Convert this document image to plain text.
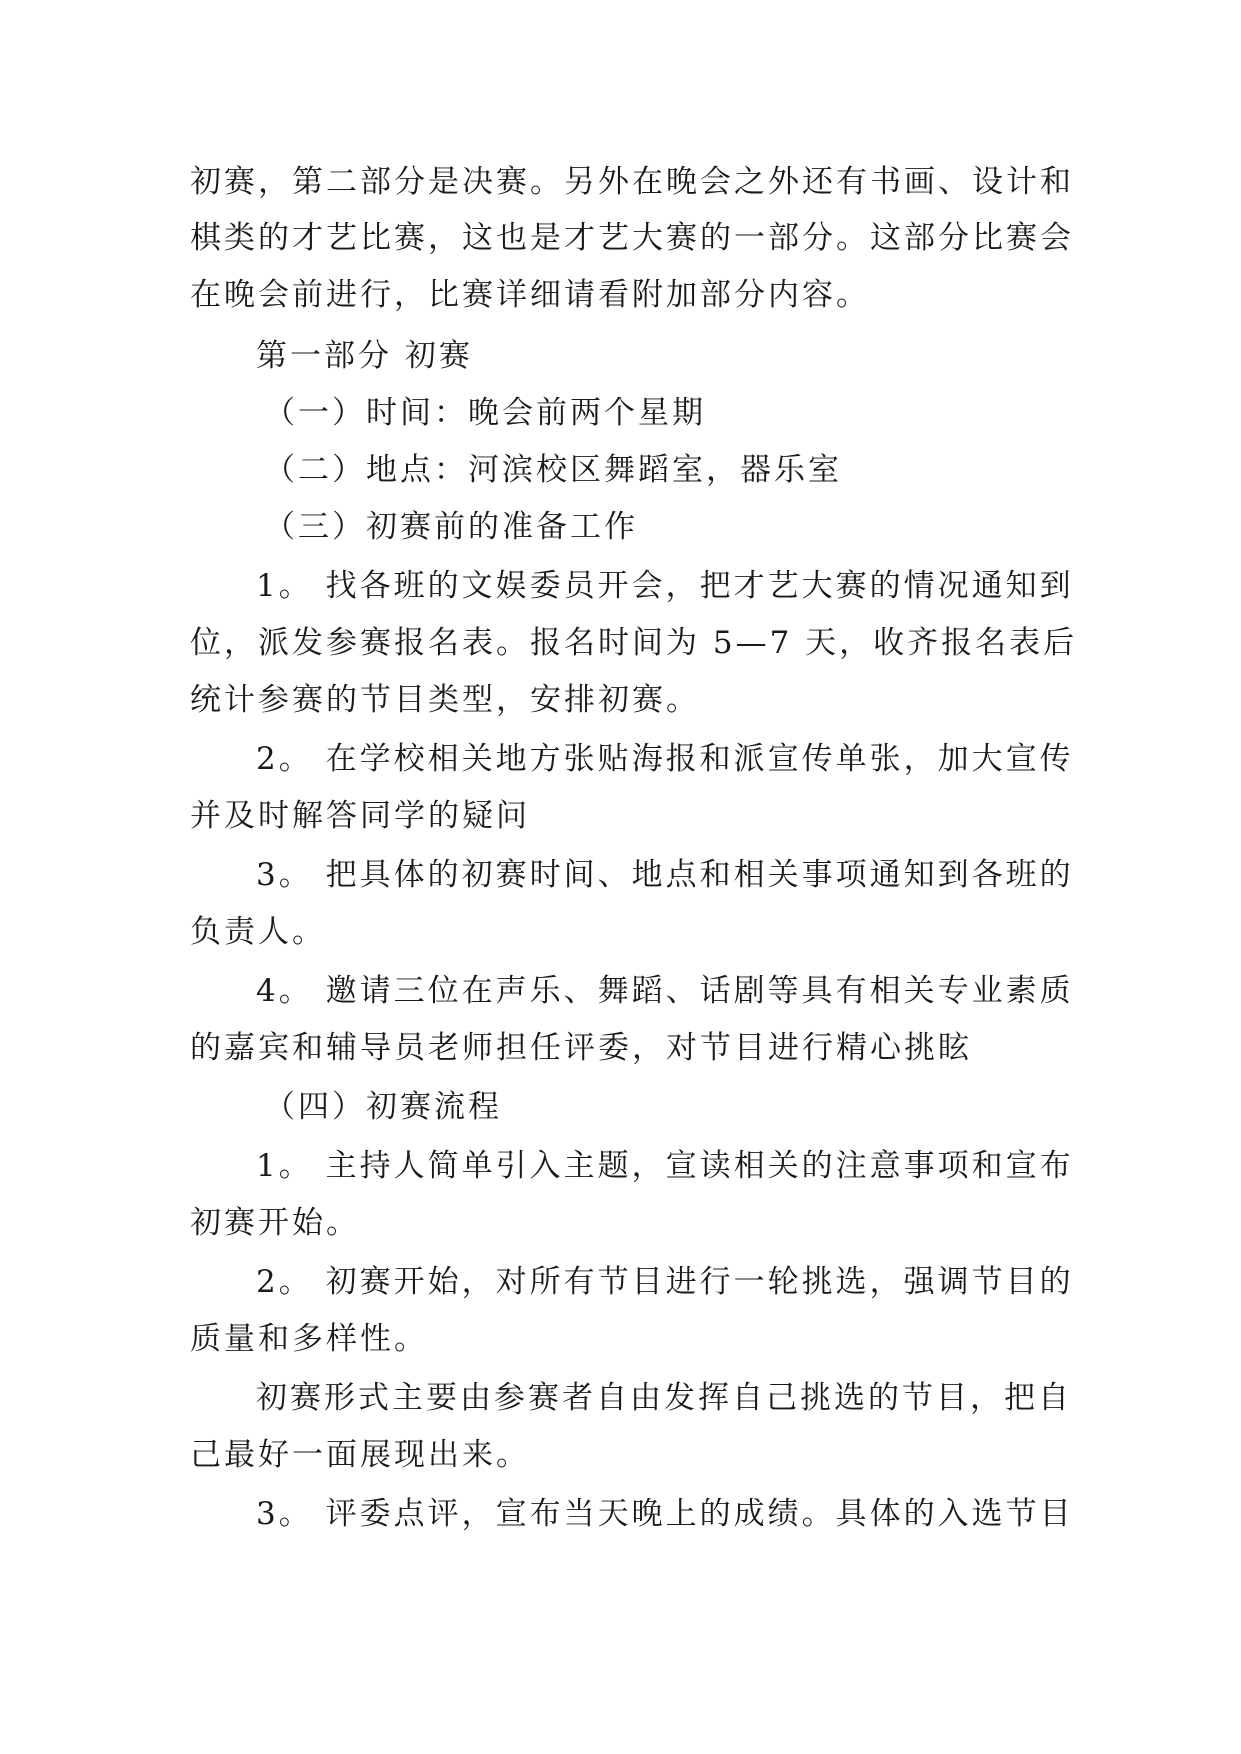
初赛，第二部分是决赛。另外在晚会之外还有书画、设计和
棋类的才艺比赛，这也是才艺大赛的一部分。这部分比赛会
在晚会前进行，比赛详细请看附加部分内容。
第一部分 初赛
（一）时间：晚会前两个星期
（二）地点：河滨校区舞蹈室，器乐室
（三）初赛前的准备工作
1。 找各班的文娱委员开会，把才艺大赛的情况通知到
位，派发参赛报名表。报名时间为 5—7 天，收齐报名表后
统计参赛的节目类型，安排初赛。
2。 在学校相关地方张贴海报和派宣传单张，加大宣传
并及时解答同学的疑问
3。 把具体的初赛时间、地点和相关事项通知到各班的
负责人。
4。 邀请三位在声乐、舞蹈、话剧等具有相关专业素质
的嘉宾和辅导员老师担任评委，对节目进行精心挑眩
（四）初赛流程
1。 主持人简单引入主题，宣读相关的注意事项和宣布
初赛开始。
2。 初赛开始，对所有节目进行一轮挑选，强调节目的
质量和多样性。
初赛形式主要由参赛者自由发挥自己挑选的节目，把自
己最好一面展现出来。
3。 评委点评，宣布当天晚上的成绩。具体的入选节目
